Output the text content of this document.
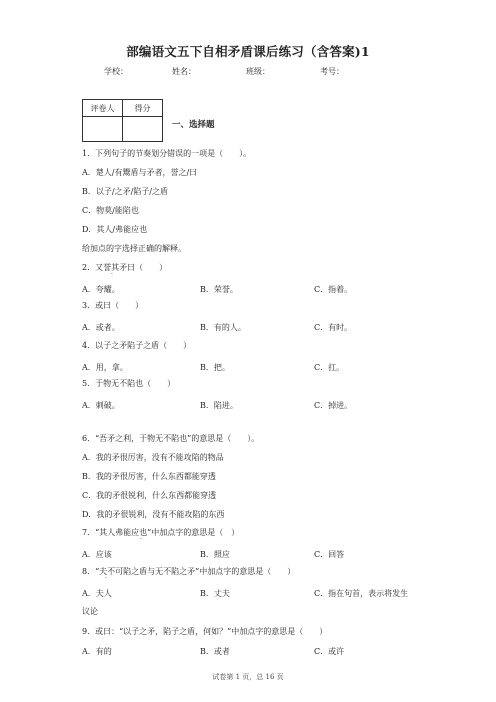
部编语文五下自相矛盾课后练习（含答案)1
学校：	姓名：	班级：	考号：
评卷人	得分

一、选择题
1．下列句子的节奏划分错误的一项是（　　）。
A．楚人/有鬻盾与矛者，誉之/曰
B．以子/之矛/陷子/之盾
C．物莫/能陷也
D．其人/弗能应也
给加点的字选择正确的解释。
2．又誉其矛曰（　　）
·
A．夸耀。	B．荣誉。	C．指着。
3．或曰（　　）
A．或者。	B．有的人。	C．有时。
4．以子之矛陷子之盾（　　）
A．用，拿。	B．把。	C．扛。
5．于物无不陷也（　　）
A．刺破。	B．陷进。	C．掉进。
6．“吾矛之利，于物无不陷也”的意思是（　　）。
A．我的矛很厉害，没有不能攻陷的物品
B．我的矛很厉害，什么东西都能穿透
C．我的矛很锐利，什么东西都能穿透
D．我的矛很锐利，没有不能攻陷的东西
7．“其人弗能应也”中加点字的意思是（　）
·
A．应该	B．照应	C．回答
8．“夫不可陷之盾与无不陷之矛”中加点字的意思是（　　）
·
A．夫人	B．丈夫	C．指在句首，表示将发生
议论
9．或曰：“以子之矛，陷子之盾，何如？”中加点字的意思是（　　）
A．有的	B．或者	C．或许
试卷第 1 页，总 16 页
